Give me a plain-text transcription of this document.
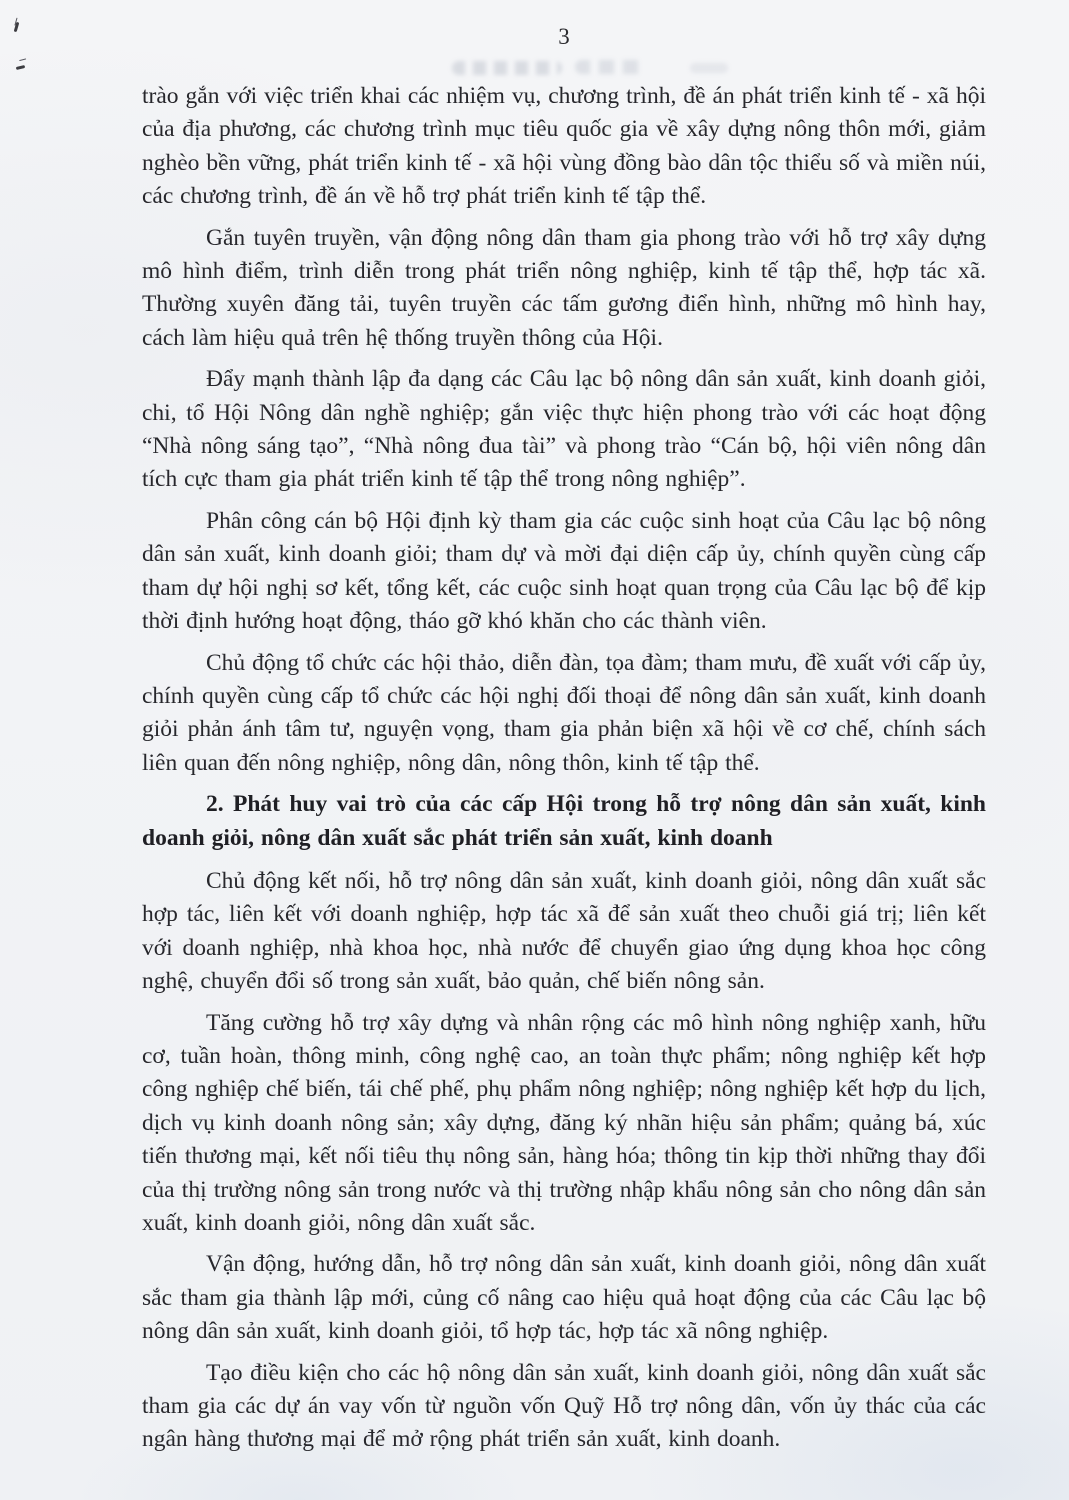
3

trào gắn với việc triển khai các nhiệm vụ, chương trình, đề án phát triển kinh tế - xã hội của địa phương, các chương trình mục tiêu quốc gia về xây dựng nông thôn mới, giảm nghèo bền vững, phát triển kinh tế - xã hội vùng đồng bào dân tộc thiểu số và miền núi, các chương trình, đề án về hỗ trợ phát triển kinh tế tập thể.

Gắn tuyên truyền, vận động nông dân tham gia phong trào với hỗ trợ xây dựng mô hình điểm, trình diễn trong phát triển nông nghiệp, kinh tế tập thể, hợp tác xã. Thường xuyên đăng tải, tuyên truyền các tấm gương điển hình, những mô hình hay, cách làm hiệu quả trên hệ thống truyền thông của Hội.

Đẩy mạnh thành lập đa dạng các Câu lạc bộ nông dân sản xuất, kinh doanh giỏi, chi, tổ Hội Nông dân nghề nghiệp; gắn việc thực hiện phong trào với các hoạt động “Nhà nông sáng tạo”, “Nhà nông đua tài” và phong trào “Cán bộ, hội viên nông dân tích cực tham gia phát triển kinh tế tập thể trong nông nghiệp”.

Phân công cán bộ Hội định kỳ tham gia các cuộc sinh hoạt của Câu lạc bộ nông dân sản xuất, kinh doanh giỏi; tham dự và mời đại diện cấp ủy, chính quyền cùng cấp tham dự hội nghị sơ kết, tổng kết, các cuộc sinh hoạt quan trọng của Câu lạc bộ để kịp thời định hướng hoạt động, tháo gỡ khó khăn cho các thành viên.

Chủ động tổ chức các hội thảo, diễn đàn, tọa đàm; tham mưu, đề xuất với cấp ủy, chính quyền cùng cấp tổ chức các hội nghị đối thoại để nông dân sản xuất, kinh doanh giỏi phản ánh tâm tư, nguyện vọng, tham gia phản biện xã hội về cơ chế, chính sách liên quan đến nông nghiệp, nông dân, nông thôn, kinh tế tập thể.

2. Phát huy vai trò của các cấp Hội trong hỗ trợ nông dân sản xuất, kinh doanh giỏi, nông dân xuất sắc phát triển sản xuất, kinh doanh

Chủ động kết nối, hỗ trợ nông dân sản xuất, kinh doanh giỏi, nông dân xuất sắc hợp tác, liên kết với doanh nghiệp, hợp tác xã để sản xuất theo chuỗi giá trị; liên kết với doanh nghiệp, nhà khoa học, nhà nước để chuyển giao ứng dụng khoa học công nghệ, chuyển đổi số trong sản xuất, bảo quản, chế biến nông sản.

Tăng cường hỗ trợ xây dựng và nhân rộng các mô hình nông nghiệp xanh, hữu cơ, tuần hoàn, thông minh, công nghệ cao, an toàn thực phẩm; nông nghiệp kết hợp công nghiệp chế biến, tái chế phế, phụ phẩm nông nghiệp; nông nghiệp kết hợp du lịch, dịch vụ kinh doanh nông sản; xây dựng, đăng ký nhãn hiệu sản phẩm; quảng bá, xúc tiến thương mại, kết nối tiêu thụ nông sản, hàng hóa; thông tin kịp thời những thay đổi của thị trường nông sản trong nước và thị trường nhập khẩu nông sản cho nông dân sản xuất, kinh doanh giỏi, nông dân xuất sắc.

Vận động, hướng dẫn, hỗ trợ nông dân sản xuất, kinh doanh giỏi, nông dân xuất sắc tham gia thành lập mới, củng cố nâng cao hiệu quả hoạt động của các Câu lạc bộ nông dân sản xuất, kinh doanh giỏi, tổ hợp tác, hợp tác xã nông nghiệp.

Tạo điều kiện cho các hộ nông dân sản xuất, kinh doanh giỏi, nông dân xuất sắc tham gia các dự án vay vốn từ nguồn vốn Quỹ Hỗ trợ nông dân, vốn ủy thác của các ngân hàng thương mại để mở rộng phát triển sản xuất, kinh doanh.
